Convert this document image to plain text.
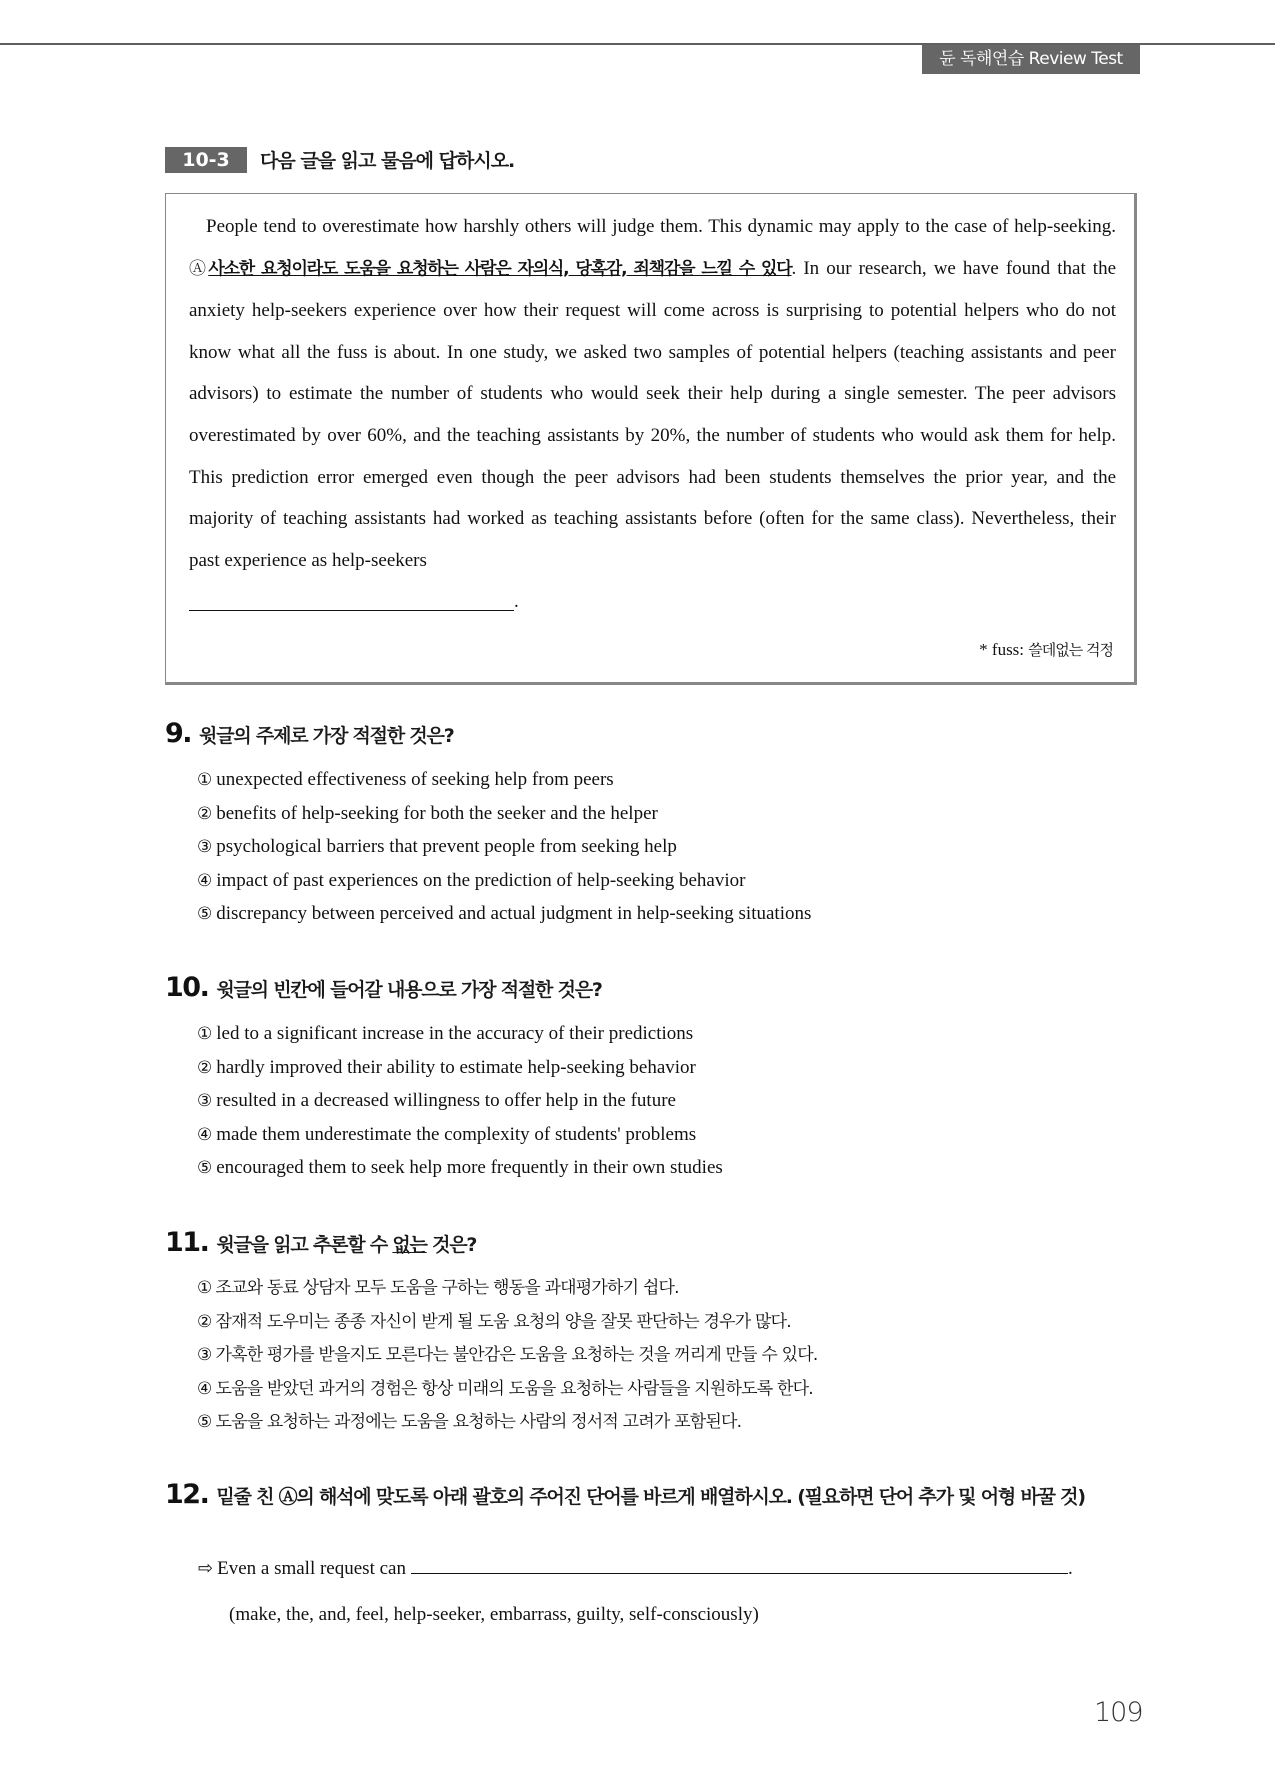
듄 독해연습 Review Test
10-3	다음 글을 읽고 물음에 답하시오.
People tend to overestimate how harshly others will judge them. This dynamic may apply to the case of help-seeking. Ⓐ사소한 요청이라도 도움을 요청하는 사람은 자의식, 당혹감, 죄책감을 느낄 수 있다. In our research, we have found that the anxiety help-seekers experience over how their request will come across is surprising to potential helpers who do not know what all the fuss is about. In one study, we asked two samples of potential helpers (teaching assistants and peer advisors) to estimate the number of students who would seek their help during a single semester. The peer advisors overestimated by over 60%, and the teaching assistants by 20%, the number of students who would ask them for help. This prediction error emerged even though the peer advisors had been students themselves the prior year, and the majority of teaching assistants had worked as teaching assistants before (often for the same class). Nevertheless, their past experience as help-seekers
.
* fuss: 쓸데없는 걱정
9. 윗글의 주제로 가장 적절한 것은?
① unexpected effectiveness of seeking help from peers
② benefits of help-seeking for both the seeker and the helper
③ psychological barriers that prevent people from seeking help
④ impact of past experiences on the prediction of help-seeking behavior
⑤ discrepancy between perceived and actual judgment in help-seeking situations
10. 윗글의 빈칸에 들어갈 내용으로 가장 적절한 것은?
① led to a significant increase in the accuracy of their predictions
② hardly improved their ability to estimate help-seeking behavior
③ resulted in a decreased willingness to offer help in the future
④ made them underestimate the complexity of students' problems
⑤ encouraged them to seek help more frequently in their own studies
11. 윗글을 읽고 추론할 수 없는 것은?
① 조교와 동료 상담자 모두 도움을 구하는 행동을 과대평가하기 쉽다.
② 잠재적 도우미는 종종 자신이 받게 될 도움 요청의 양을 잘못 판단하는 경우가 많다.
③ 가혹한 평가를 받을지도 모른다는 불안감은 도움을 요청하는 것을 꺼리게 만들 수 있다.
④ 도움을 받았던 과거의 경험은 항상 미래의 도움을 요청하는 사람들을 지원하도록 한다.
⑤ 도움을 요청하는 과정에는 도움을 요청하는 사람의 정서적 고려가 포함된다.
12. 밑줄 친 Ⓐ의 해석에 맞도록 아래 괄호의 주어진 단어를 바르게 배열하시오. (필요하면 단어 추가 및 어형 바꿀 것)
⇨ Even a small request can	.
(make, the, and, feel, help-seeker, embarrass, guilty, self-consciously)
109
